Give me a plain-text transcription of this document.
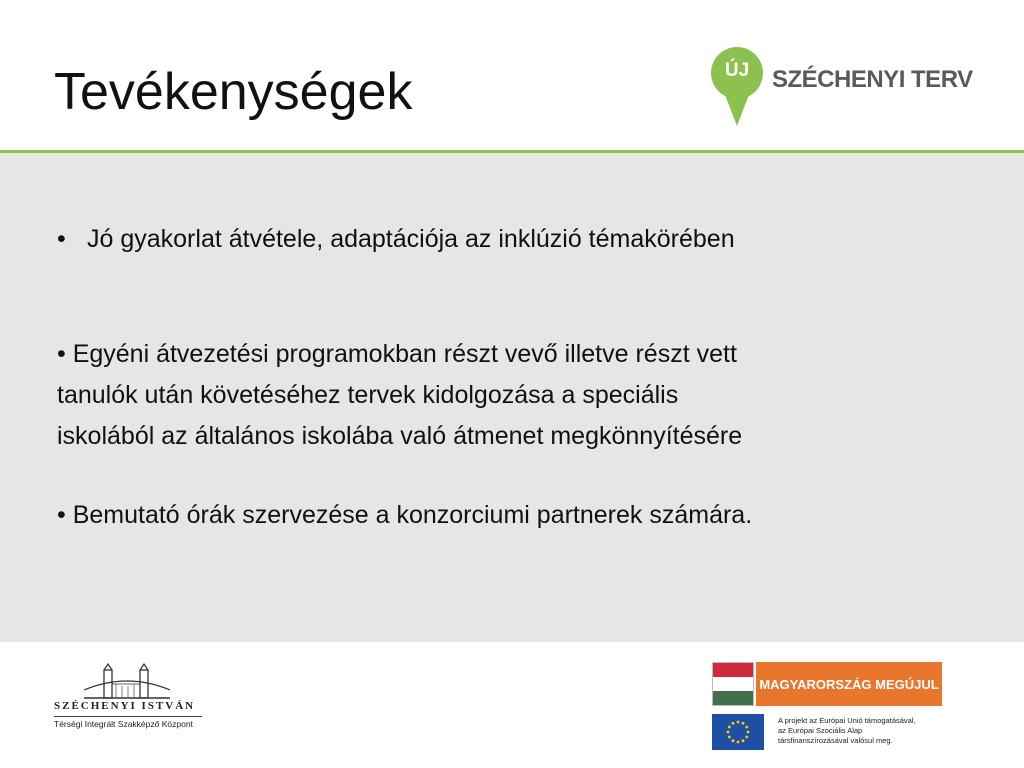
Tevékenységek	ÚJ SZÉCHENYI TERV
• Jó gyakorlat átvétele, adaptációja az inklúzió témakörében
• Egyéni átvezetési programokban részt vevő illetve részt vett
tanulók után követéséhez tervek kidolgozása a speciális
iskolából az általános iskolába való átmenet megkönnyítésére
• Bemutató órák szervezése a konzorciumi partnerek számára.
SZÉCHENYI ISTVÁN
Térségi Integrált Szakképző Központ
MAGYARORSZÁG MEGÚJUL
A projekt az Európai Unió támogatásával,
az Európai Szociális Alap
társfinanszírozásával valósul meg.
